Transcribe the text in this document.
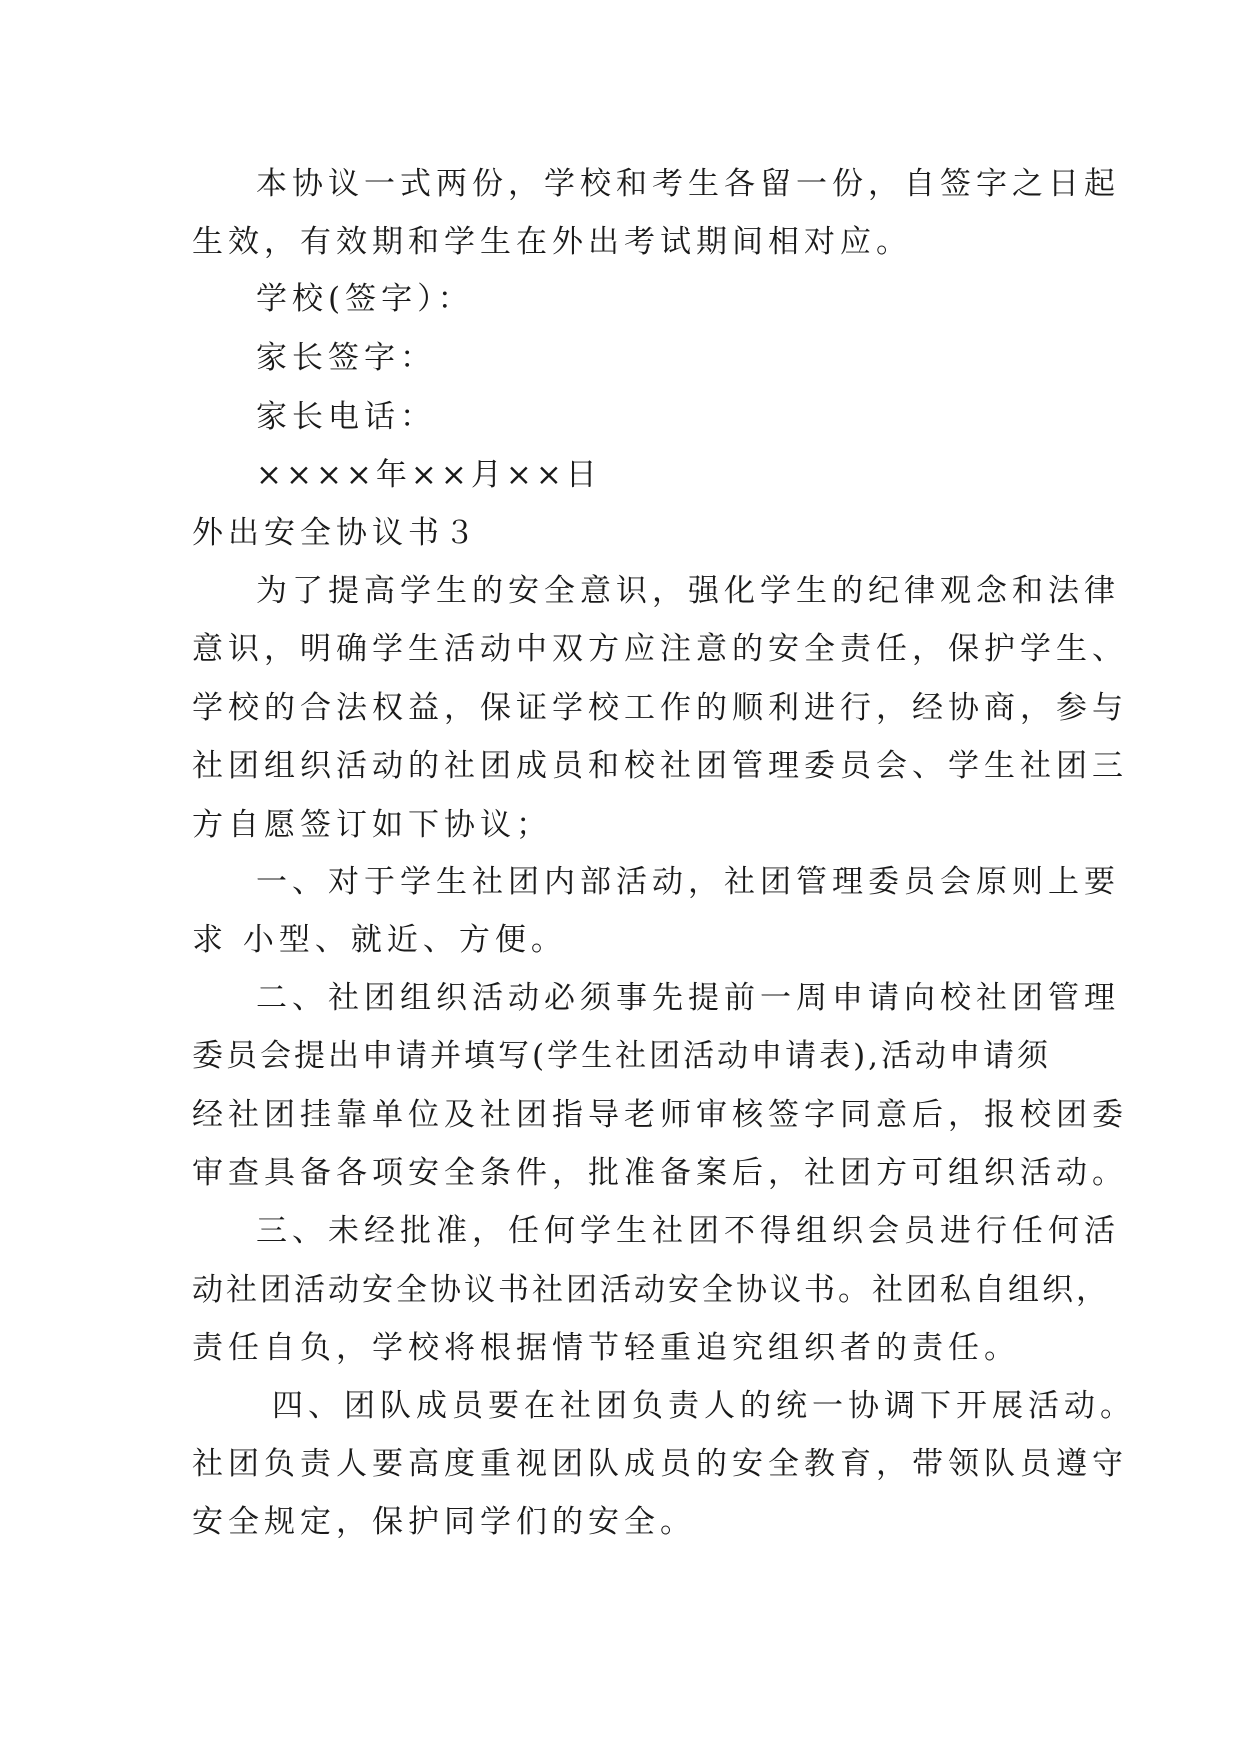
本协议一式两份，学校和考生各留一份，自签字之日起
生效，有效期和学生在外出考试期间相对应。
学校(签字）：
家长签字：
家长电话：
××××年××月××日
外出安全协议书３
为了提高学生的安全意识，强化学生的纪律观念和法律
意识，明确学生活动中双方应注意的安全责任，保护学生、
学校的合法权益，保证学校工作的顺利进行，经协商，参与
社团组织活动的社团成员和校社团管理委员会、学生社团三
方自愿签订如下协议；
一、对于学生社团内部活动，社团管理委员会原则上要
求 小型、就近、方便。
二、社团组织活动必须事先提前一周申请向校社团管理
委员会提出申请并填写(学生社团活动申请表),活动申请须
经社团挂靠单位及社团指导老师审核签字同意后，报校团委
审查具备各项安全条件，批准备案后，社团方可组织活动。
三、未经批准，任何学生社团不得组织会员进行任何活
动社团活动安全协议书社团活动安全协议书。社团私自组织，
责任自负，学校将根据情节轻重追究组织者的责任。
四、团队成员要在社团负责人的统一协调下开展活动。
社团负责人要高度重视团队成员的安全教育，带领队员遵守
安全规定，保护同学们的安全。
